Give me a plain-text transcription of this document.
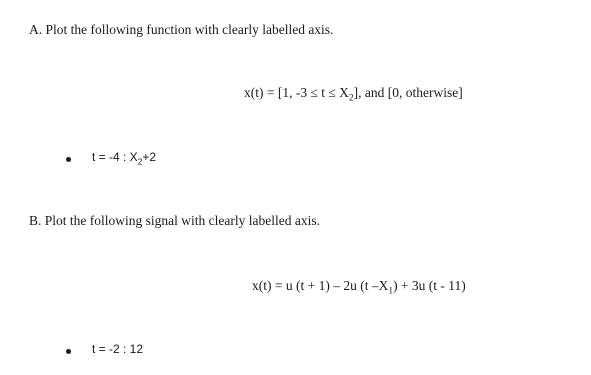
A. Plot the following function with clearly labelled axis.
x(t) = [1, $-3 \le t \le X_2$], and [0, otherwise]
t = -4 : $X_2+2$
B. Plot the following signal with clearly labelled axis.
x(t) = u (t + 1) – 2u (t $-X_1) + 3u$ (t - 11)
t = -2 : 12
